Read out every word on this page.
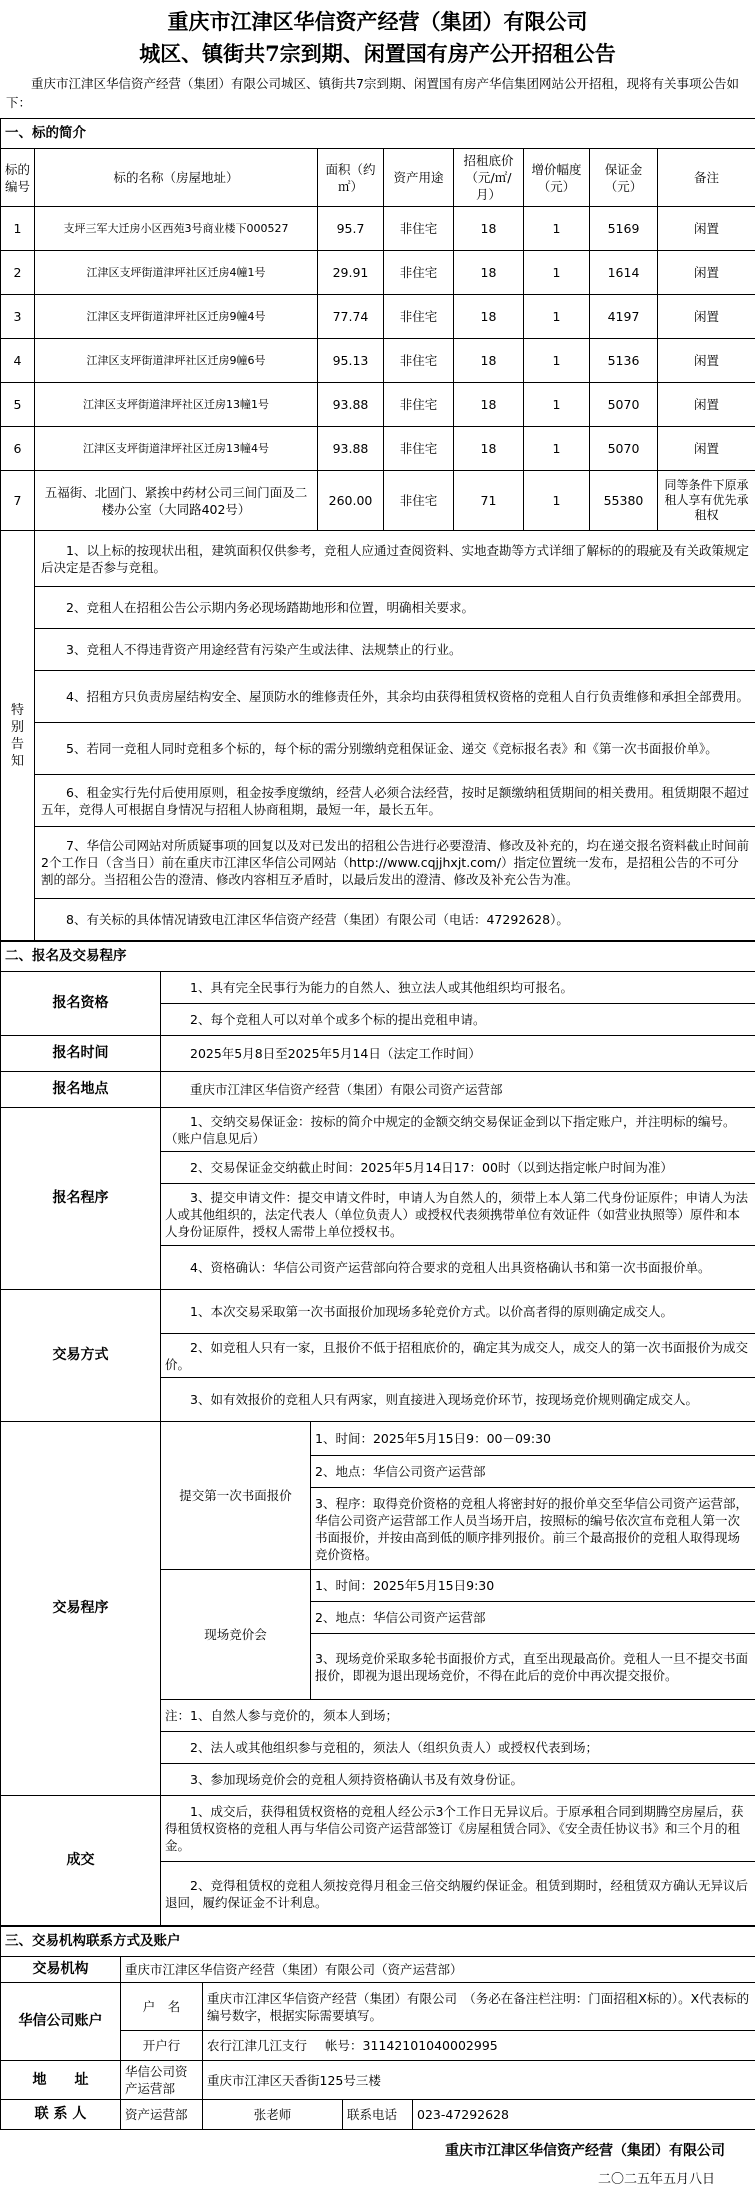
重庆市江津区华信资产经营（集团）有限公司
城区、镇街共7宗到期、闲置国有房产公开招租公告
重庆市江津区华信资产经营（集团）有限公司城区、镇街共7宗到期、闲置国有房产华信集团网站公开招租，现将有关事项公告如下：
一、标的简介							
标的编号	标的名称（房屋地址）	面积（约㎡）	资产用途	招租底价（元/㎡/月）	增价幅度（元）	保证金（元）	备注
1	支坪三军大迁房小区西苑3号商业楼下000527	95.7	非住宅	18	1	5169	闲置
2	江津区支坪街道津坪社区迁房4幢1号	29.91	非住宅	18	1	1614	闲置
3	江津区支坪街道津坪社区迁房9幢4号	77.74	非住宅	18	1	4197	闲置
4	江津区支坪街道津坪社区迁房9幢6号	95.13	非住宅	18	1	5136	闲置
5	江津区支坪街道津坪社区迁房13幢1号	93.88	非住宅	18	1	5070	闲置
6	江津区支坪街道津坪社区迁房13幢4号	93.88	非住宅	18	1	5070	闲置
7	五福街、北固门、紧挨中药材公司三间门面及二楼办公室（大同路402号）	260.00	非住宅	71	1	55380	同等条件下原承租人享有优先承租权
特别告知	1、以上标的按现状出租，建筑面积仅供参考，竞租人应通过查阅资料、实地查勘等方式详细了解标的的瑕疵及有关政策规定后决定是否参与竞租。						
	2、竞租人在招租公告公示期内务必现场踏勘地形和位置，明确相关要求。						
	3、竞租人不得违背资产用途经营有污染产生或法律、法规禁止的行业。						
	4、招租方只负责房屋结构安全、屋顶防水的维修责任外，其余均由获得租赁权资格的竞租人自行负责维修和承担全部费用。						
	5、若同一竞租人同时竞租多个标的，每个标的需分别缴纳竞租保证金、递交《竞标报名表》和《第一次书面报价单》。						
	6、租金实行先付后使用原则，租金按季度缴纳，经营人必须合法经营，按时足额缴纳租赁期间的相关费用。租赁期限不超过五年，竞得人可根据自身情况与招租人协商租期，最短一年，最长五年。						
	7、华信公司网站对所质疑事项的回复以及对已发出的招租公告进行必要澄清、修改及补充的，均在递交报名资料截止时间前2个工作日（含当日）前在重庆市江津区华信公司网站（http://www.cqjjhxjt.com/）指定位置统一发布，是招租公告的不可分割的部分。当招租公告的澄清、修改内容相互矛盾时，以最后发出的澄清、修改及补充公告为准。						
	8、有关标的具体情况请致电江津区华信资产经营（集团）有限公司（电话：47292628）。						
二、报名及交易程序		
报名资格	1、具有完全民事行为能力的自然人、独立法人或其他组织均可报名。	
	2、每个竞租人可以对单个或多个标的提出竞租申请。	
报名时间	2025年5月8日至2025年5月14日（法定工作时间）	
报名地点	重庆市江津区华信资产经营（集团）有限公司资产运营部	
报名程序	1、交纳交易保证金：按标的简介中规定的金额交纳交易保证金到以下指定账户，并注明标的编号。（账户信息见后）	
	2、交易保证金交纳截止时间：2025年5月14日17：00时（以到达指定帐户时间为准）	
	3、提交申请文件：提交申请文件时，申请人为自然人的，须带上本人第二代身份证原件；申请人为法人或其他组织的，法定代表人（单位负责人）或授权代表须携带单位有效证件（如营业执照等）原件和本人身份证原件，授权人需带上单位授权书。	
	4、资格确认：华信公司资产运营部向符合要求的竞租人出具资格确认书和第一次书面报价单。	
交易方式	1、本次交易采取第一次书面报价加现场多轮竞价方式。以价高者得的原则确定成交人。	
	2、如竞租人只有一家，且报价不低于招租底价的，确定其为成交人，成交人的第一次书面报价为成交价。	
	3、如有效报价的竞租人只有两家，则直接进入现场竞价环节，按现场竞价规则确定成交人。	
交易程序	提交第一次书面报价	1、时间：2025年5月15日9：00－09:30
		2、地点：华信公司资产运营部
		3、程序：取得竞价资格的竞租人将密封好的报价单交至华信公司资产运营部，华信公司资产运营部工作人员当场开启，按照标的编号依次宣布竞租人第一次书面报价，并按由高到低的顺序排列报价。前三个最高报价的竞租人取得现场竞价资格。
	现场竞价会	1、时间：2025年5月15日9:30
		2、地点：华信公司资产运营部
		3、现场竞价采取多轮书面报价方式，直至出现最高价。竞租人一旦不提交书面报价，即视为退出现场竞价，不得在此后的竞价中再次提交报价。
	注：1、自然人参与竞价的，须本人到场；	
	2、法人或其他组织参与竞租的，须法人（组织负责人）或授权代表到场；	
	3、参加现场竞价会的竞租人须持资格确认书及有效身份证。	
成交	1、成交后，获得租赁权资格的竞租人经公示3个工作日无异议后。于原承租合同到期腾空房屋后，获得租赁权资格的竞租人再与华信公司资产运营部签订《房屋租赁合同》、《安全责任协议书》和三个月的租金。	
	2、竞得租赁权的竞租人须按竞得月租金三倍交纳履约保证金。租赁到期时，经租赁双方确认无异议后退回，履约保证金不计利息。	
三、交易机构联系方式及账户				
交易机构	重庆市江津区华信资产经营（集团）有限公司（资产运营部）			
华信公司账户	户　名	重庆市江津区华信资产经营（集团）有限公司　（务必在备注栏注明：门面招租X标的）。X代表标的编号数字，根据实际需要填写。		
	开户行	农行江津几江支行 帐号：31142101040002995		
地　　址	华信公司资产运营部	重庆市江津区天香街125号三楼		
联 系 人	资产运营部	张老师	联系电话	023-47292628
重庆市江津区华信资产经营（集团）有限公司
二〇二五年五月八日
